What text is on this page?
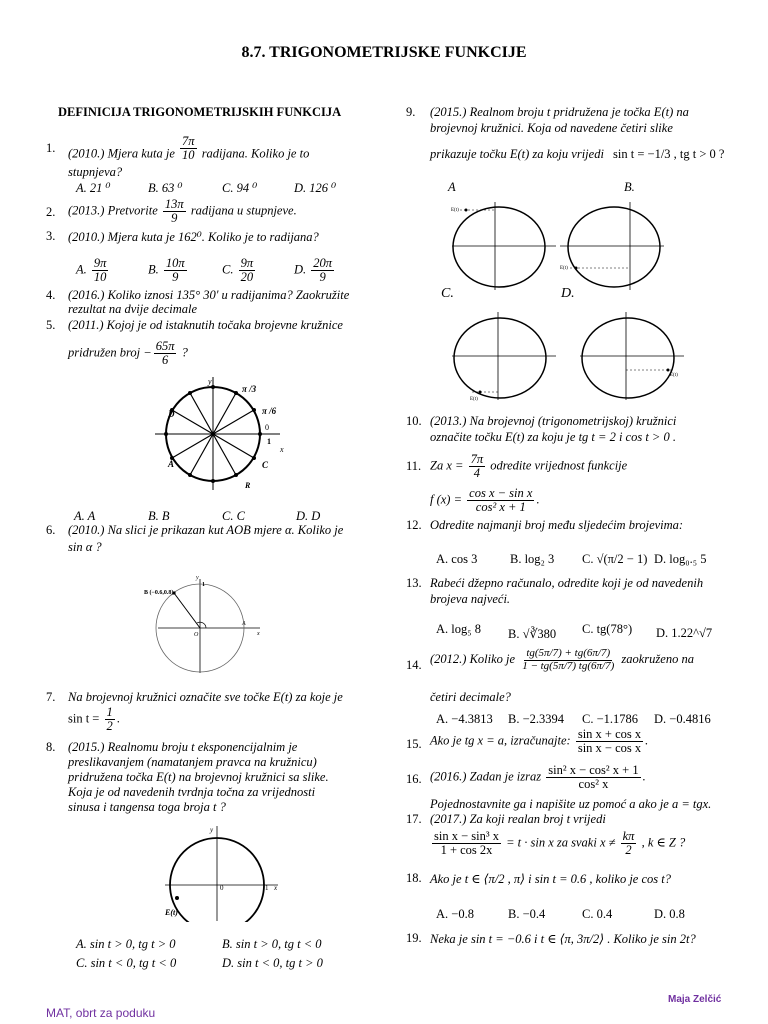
8.7. TRIGONOMETRIJSKE FUNKCIJE
DEFINICIJA TRIGONOMETRIJSKIH FUNKCIJA
1. (2010.) Mjera kuta je $\frac{7\pi}{10}$ radijana. Koliko je to
stupnjeva?
A. 21 ⁰	B. 63 ⁰	C. 94 ⁰	D. 126 ⁰
2. (2013.) Pretvorite $\frac{13\pi}{9}$ radijana u stupnjeve.
3. (2010.) Mjera kuta je 162⁰. Koliko je to radijana?
A. $\frac{9\pi}{10}$	B. $\frac{10\pi}{9}$	C. $\frac{9\pi}{20}$	D. $\frac{20\pi}{9}$
4. (2016.) Koliko iznosi 135° 30' u radijanima? Zaokružite
rezultat na dvije decimale
5. (2011.) Kojoj je od istaknutih točaka brojevne kružnice
pridružen broj − $\frac{65\pi}{6}$ ?
y
x
π /3
π /6
0
1
D
A	C
R
A. A	B. B	C. C	D. D
6. (2010.) Na slici je prikazan kut AOB mjere α. Koliko je
sin α ?
B (−0.6,0.8)
y
1
x
O
A
7. Na brojevnoj kružnici označite sve točke E(t) za koje je
$\sin t = \frac{1}{2}$ .
8. (2015.) Realnomu broju t eksponencijalnim je
preslikavanjem (namatanjem pravca na kružnicu)
pridružena točka E(t) na brojevnoj kružnici sa slike.
Koja je od navedenih tvrdnja točna za vrijednosti
sinusa i tangensa toga broja t ?
y
x
0	1
E(t)
A. sin t > 0, tg t > 0	B. sin t > 0, tg t < 0
C. sin t < 0, tg t < 0	D. sin t < 0, tg t > 0
9. (2015.) Realnom broju t pridružena je točka E(t) na
brojevnoj kružnici. Koja od navedene četiri slike
prikazuje točku E(t) za koju vrijedi sin t = −1/3 , tg t > 0 ?
A	B.
C.	D.
E(t)
E(t)
E(t)
E(t)
10. (2013.) Na brojevnoj (trigonometrijskoj) kružnici
označite točku E(t) za koju je tg t = 2 i cos t > 0 .
11. Za $x = \frac{7\pi}{4}$ odredite vrijednost funkcije
f $(x) = \frac{\text{cos x − sin x}}{\text{cos² x + 1}}$ .
12. Odredite najmanji broj među sljedećim brojevima:
A. cos 3	B. log₂ 3 C. √(π/2 − 1) D. log₀.₅ 5
13. Rabeći džepno računalo, odredite koji je od navedenih
brojeva najveći.
A. log₅ 8 B. √∛380 C. tg(78°) D. 1.22^√7
14. (2012.) Koliko je $\frac{tg(5\pi/7) + tg(6\pi/7)}{1 - tg(5\pi/7) tg(6\pi/7)}$ zaokruženo na
četiri decimale?
A. −4.3813 B. −2.3394 C. −1.1786 D. −0.4816
15. Ako je tg x = a, izračunajte: $\frac{\text{sin x + cos x}}{\text{sin x − cos x}}$ .
16. (2016.) Zadan je izraz $\frac{\text{sin² x − cos² x + 1}}{\text{cos² x}}$ .
Pojednostavnite ga i napišite uz pomoć a ako je a = tgx.
17. (2017.) Za koji realan broj t vrijedi
$\frac{\text{sin x − sin³ x}}{1 + \cos 2x} = t \cdot \sin x$ za svaki $x \ne \frac{k\pi}{2}$ , k ∈ Z ?
18. Ako je t ∈ ⟨π/2 , π⟩ i sin t = 0.6 , koliko je cos t?
A. −0.8	B. −0.4	C. 0.4	D. 0.8
19. Neka je sin t = −0.6 i t ∈ ⟨π, 3π/2⟩ . Koliko je sin 2t?
Maja Zelčić
MAT, obrt za poduku
